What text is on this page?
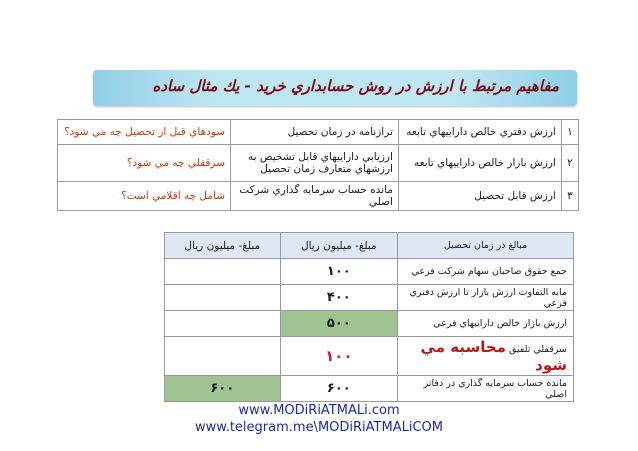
مفاهيم مرتبط با ارزش در روش حسابداري خريد - يك مثال ساده
۱	ارزش دفتري خالص داراييهاي تابعه	ترازنامه در زمان تحصيل	سودهاي قبل از تحصيل چه مي شود؟
۲	ارزش بازار خالص داراييهاي تابعه	ارزيابي داراييهاي قابل تشخيص به ارزشهاي متعارف زمان تحصيل	سرقفلي چه مي شود؟
۳	ارزش قابل تحصيل	مانده حساب سرمايه گذاري شركت اصلي	شامل چه اقلامي است؟
مبالغ در زمان تحصيل	مبلغ- ميليون ريال	مبلغ- ميليون ريال
جمع حقوق صاحبان سهام شركت فرعي	۱۰۰	
مابه التفاوت ارزش بازار تا ارزش دفتري فرعي	۴۰۰	
ارزش بازار خالص داراييهاي فرعي	۵۰۰	
سرقفلي تلفيق محاسبه مي شود	۱۰۰	
مانده حساب سرمايه گذاري در دفاتر اصلي	۶۰۰	۶۰۰
www.MODiRiATMALi.com
www.telegram.me\MODiRiATMALiCOM
